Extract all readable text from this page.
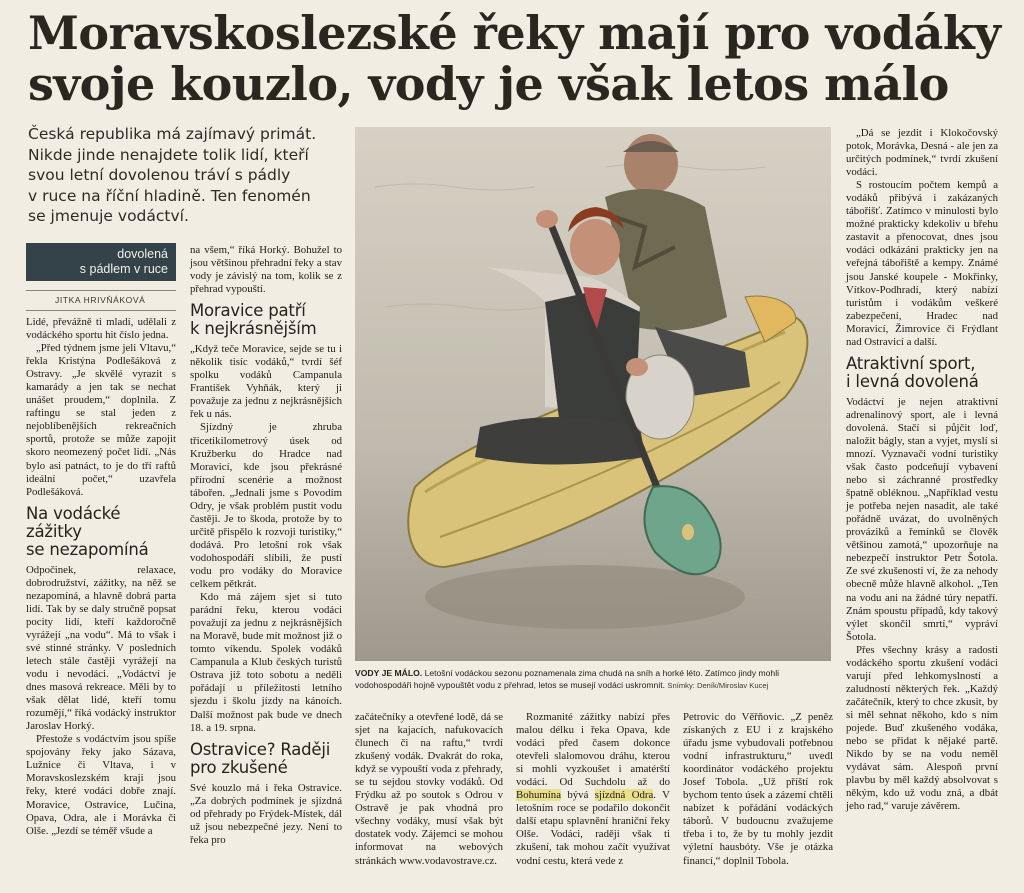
Moravskoslezské řeky mají pro vodáky
svoje kouzlo, vody je však letos málo
Česká republika má zajímavý primát.
Nikde jinde nenajdete tolik lidí, kteří
svou letní dovolenou tráví s pádly
v ruce na říční hladině. Ten fenomén
se jmenuje vodáctví.
dovolená
s pádlem v ruce
JITKA HRIVŇÁKOVÁ

Lidé, převážně ti mladí, udělali z vodáckého sportu hit číslo jedna.

„Před týdnem jsme jeli Vltavu,“ řekla Kristýna Podlešáková z Ostravy. „Je skvělé vyrazit s kamarády a jen tak se nechat unášet proudem,“ doplnila. Z raftingu se stal jeden z nejoblíbenějších rekreačních sportů, protože se může zapojit skoro neomezený počet lidí. „Nás bylo asi patnáct, to je do tří raftů ideální počet,“ uzavřela Podlešáková.

Na vodácké
zážitky
se nezapomíná

Odpočinek, relaxace, dobrodružství, zážitky, na něž se nezapomíná, a hlavně dobrá parta lidí. Tak by se daly stručně popsat pocity lidí, kteří každoročně vyrážejí „na vodu“. Má to však i své stinné stránky. V posledních letech stále častěji vyrážejí na vodu i nevodáci. „Vodáctví je dnes masová rekreace. Měli by to však dělat lidé, kteří tomu rozumějí,“ říká vodácký instruktor Jaroslav Horký.

Přestože s vodáctvím jsou spíše spojovány řeky jako Sázava, Lužnice či Vltava, i v Moravskoslezském kraji jsou řeky, které vodáci dobře znají. Moravice, Ostravice, Lučina, Opava, Odra, ale i Morávka či Olše. „Jezdí se téměř všude a

na všem,“ říká Horký. Bohužel to jsou většinou přehradní řeky a stav vody je závislý na tom, kolik se z přehrad vypouští.

Moravice patří
k nejkrásnějším

„Když teče Moravice, sejde se tu i několik tisíc vodáků,“ tvrdí šéf spolku vodáků Campanula František Vyhňák, který ji považuje za jednu z nejkrásnějších řek u nás.

Sjízdný je zhruba třicetikilometrový úsek od Kružberku do Hradce nad Moravicí, kde jsou překrásné přírodní scenérie a možnost tábořen. „Jednali jsme s Povodím Odry, je však problém pustit vodu častěji. Je to škoda, protože by to určitě přispělo k rozvoji turistiky,“ dodává. Pro letošní rok však vodohospodáři slíbili, že pustí vodu pro vodáky do Moravice celkem pětkrát.

Kdo má zájem sjet si tuto parádní řeku, kterou vodáci považují za jednu z nejkrásnějších na Moravě, bude mít možnost již o tomto víkendu. Spolek vodáků Campanula a Klub českých turistů Ostrava již toto sobotu a neděli pořádají u příležitosti letního sjezdu i školu jízdy na kánoích. Další možnost pak bude ve dnech 18. a 19. srpna.

Ostravice? Raději
pro zkušené

Své kouzlo má i řeka Ostravice. „Za dobrých podmínek je sjízdná od přehrady po Frýdek-Místek, dál už jsou nebezpečné jezy. Není to řeka pro

VODY JE MÁLO. Letošní vodáckou sezonu poznamenala zima chudá na sníh a horké léto. Zatímco jindy mohli vodohospodáři hojně vypouštět vodu z přehrad, letos se musejí vodáci uskromnit. Snímky: Deník/Miroslav Kucej

začátečníky a otevřené lodě, dá se sjet na kajacích, nafukovacích člunech či na raftu,“ tvrdí zkušený vodák. Dvakrát do roka, když se vypouští voda z přehrady, se tu sejdou stovky vodáků. Od Frýdku až po soutok s Odrou v Ostravě je pak vhodná pro všechny vodáky, musí však být dostatek vody. Zájemci se mohou informovat na webových stránkách www.vodavostrave.cz.

Rozmanité zážitky nabízí přes malou délku i řeka Opava, kde vodáci před časem dokonce otevřeli slalomovou dráhu, kterou si mohli vyzkoušet i amatérští vodáci. Od Suchdolu až do Bohumína bývá sjízdná Odra. V letošním roce se podařilo dokončit další etapu splavnění hraniční řeky Olše. Vodáci, raději však ti zkušení, tak mohou začít využívat vodní cestu, která vede z

Petrovic do Věřňovic. „Z peněz získaných z EU i z krajského úřadu jsme vybudovali potřebnou vodní infrastrukturu,“ uvedl koordinátor vodáckého projektu Josef Tobola. „Už příští rok bychom tento úsek a zázemí chtěli nabízet k pořádání vodáckých táborů. V budoucnu zvažujeme třeba i to, že by tu mohly jezdit výletní hausbóty. Vše je otázka financí,“ doplnil Tobola.

„Dá se jezdit i Klokočovský potok, Morávka, Desná - ale jen za určitých podmínek,“ tvrdí zkušení vodáci.

S rostoucím počtem kempů a vodáků přibývá i zakázaných tábořišť. Zatímco v minulosti bylo možné prakticky kdekoliv u břehu zastavit a přenocovat, dnes jsou vodáci odkázáni prakticky jen na veřejná tábořiště a kempy. Známé jsou Janské koupele - Mokřinky, Vítkov-Podhradí, který nabízí turistům i vodákům veškeré zabezpečení, Hradec nad Moravicí, Žimrovice či Frýdlant nad Ostravicí a další.

Atraktivní sport,
i levná dovolená

Vodáctví je nejen atraktivní adrenalinový sport, ale i levná dovolená. Stačí si půjčit loď, naložit bágly, stan a vyjet, myslí si mnozí. Vyznavači vodní turistiky však často podceňují vybavení nebo si záchranné prostředky špatně obléknou. „Například vestu je potřeba nejen nasadit, ale také pořádně uvázat, do uvolněných prováziků a řemínků se člověk většinou zamotá,“ upozorňuje na nebezpečí instruktor Petr Šotola. Ze své zkušenosti ví, že za nehody obecně může hlavně alkohol. „Ten na vodu ani na žádné túry nepatří. Znám spoustu případů, kdy takový výlet skončil smrtí,“ vypráví Šotola.

Přes všechny krásy a radosti vodáckého sportu zkušení vodáci varují před lehkomyslností a zaludností některých řek. „Každý začátečník, který to chce zkusit, by si měl sehnat někoho, kdo s ním pojede. Buď zkušeného vodáka, nebo se přidat k nějaké partě. Nikdo by se na vodu neměl vydávat sám. Alespoň první plavbu by měl každý absolvovat s někým, kdo už vodu zná, a dbát jeho rad,“ varuje závěrem.
